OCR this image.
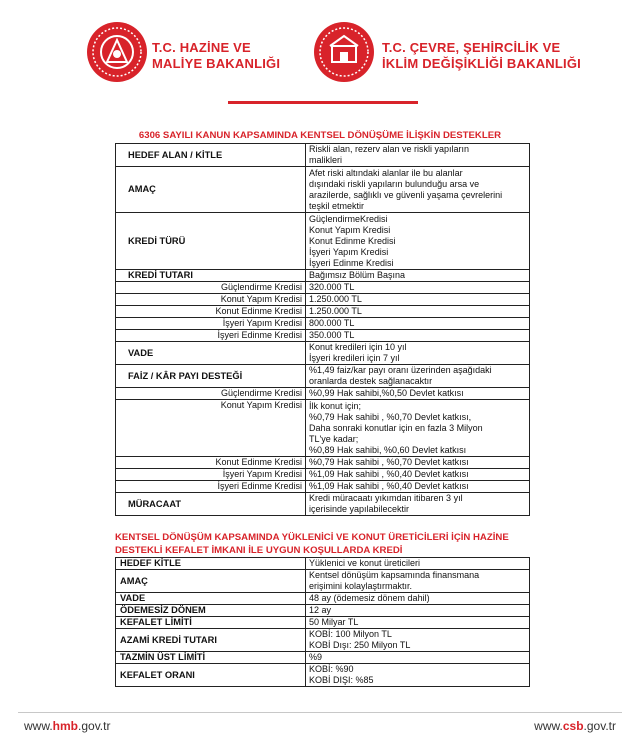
T.C. HAZİNE VE
MALİYE BAKANLIĞI
T.C. ÇEVRE, ŞEHİRCİLİK VE
İKLİM DEĞİŞİKLİĞİ BAKANLIĞI
6306 SAYILI KANUN KAPSAMINDA KENTSEL DÖNÜŞÜME İLİŞKİN DESTEKLER
HEDEF ALAN / KİTLE	Riskli alan, rezerv alan ve riskli yapıların
malikleri

AMAÇ	Afet riski altındaki alanlar ile bu alanlar
dışındaki riskli yapıların bulunduğu arsa ve
arazilerde, sağlıklı ve güvenli yaşama çevrelerini
teşkil etmektir

KREDİ TÜRÜ	GüçlendirmeKredisi
Konut Yapım Kredisi
Konut Edinme Kredisi
İşyeri Yapım Kredisi
İşyeri Edinme Kredisi

KREDİ TUTARI	Bağımsız Bölüm Başına
Güçlendirme Kredisi	320.000 TL
Konut Yapım Kredisi	1.250.000 TL
Konut Edinme Kredisi	1.250.000 TL
İşyeri Yapım Kredisi	800.000 TL
İşyeri Edinme Kredisi	350.000 TL
VADE	Konut kredileri için 10 yıl
İşyeri kredileri için 7 yıl

FAİZ / KÂR PAYI DESTEĞİ	%1,49 faiz/kar payı oranı üzerinden aşağıdaki
oranlarda destek sağlanacaktır

Güçlendirme Kredisi	%0,99 Hak sahibi,%0,50 Devlet katkısı
Konut Yapım Kredisi	İlk konut için;
%0,79 Hak sahibi , %0,70 Devlet katkısı,
Daha sonraki konutlar için en fazla 3 Milyon
TL'ye kadar;
%0,89 Hak sahibi, %0,60 Devlet katkısı

Konut Edinme Kredisi	%0,79 Hak sahibi , %0,70 Devlet katkısı
İşyeri Yapım Kredisi	%1,09 Hak sahibi , %0,40 Devlet katkısı
İşyeri Edinme Kredisi	%1,09 Hak sahibi , %0,40 Devlet katkısı
MÜRACAAT	Kredi müracaatı yıkımdan itibaren 3 yıl
içerisinde yapılabilecektir
KENTSEL DÖNÜŞÜM KAPSAMINDA YÜKLENİCİ VE KONUT ÜRETİCİLERİ İÇİN HAZİNE
DESTEKLİ KEFALET İMKANI İLE UYGUN KOŞULLARDA KREDİ
HEDEF KİTLE	Yüklenici ve konut üreticileri
AMAÇ	Kentsel dönüşüm kapsamında finansmana
erişimini kolaylaştırmaktır.

VADE	48 ay (ödemesiz dönem dahil)
ÖDEMESİZ DÖNEM	12 ay
KEFALET LİMİTİ	50 Milyar TL
AZAMİ KREDİ TUTARI	KOBİ: 100 Milyon TL
KOBİ Dışı: 250 Milyon TL

TAZMİN ÜST LİMİTİ	%9
KEFALET ORANI	KOBİ: %90
KOBİ DIŞI: %85
www.hmb.gov.tr	www.csb.gov.tr
